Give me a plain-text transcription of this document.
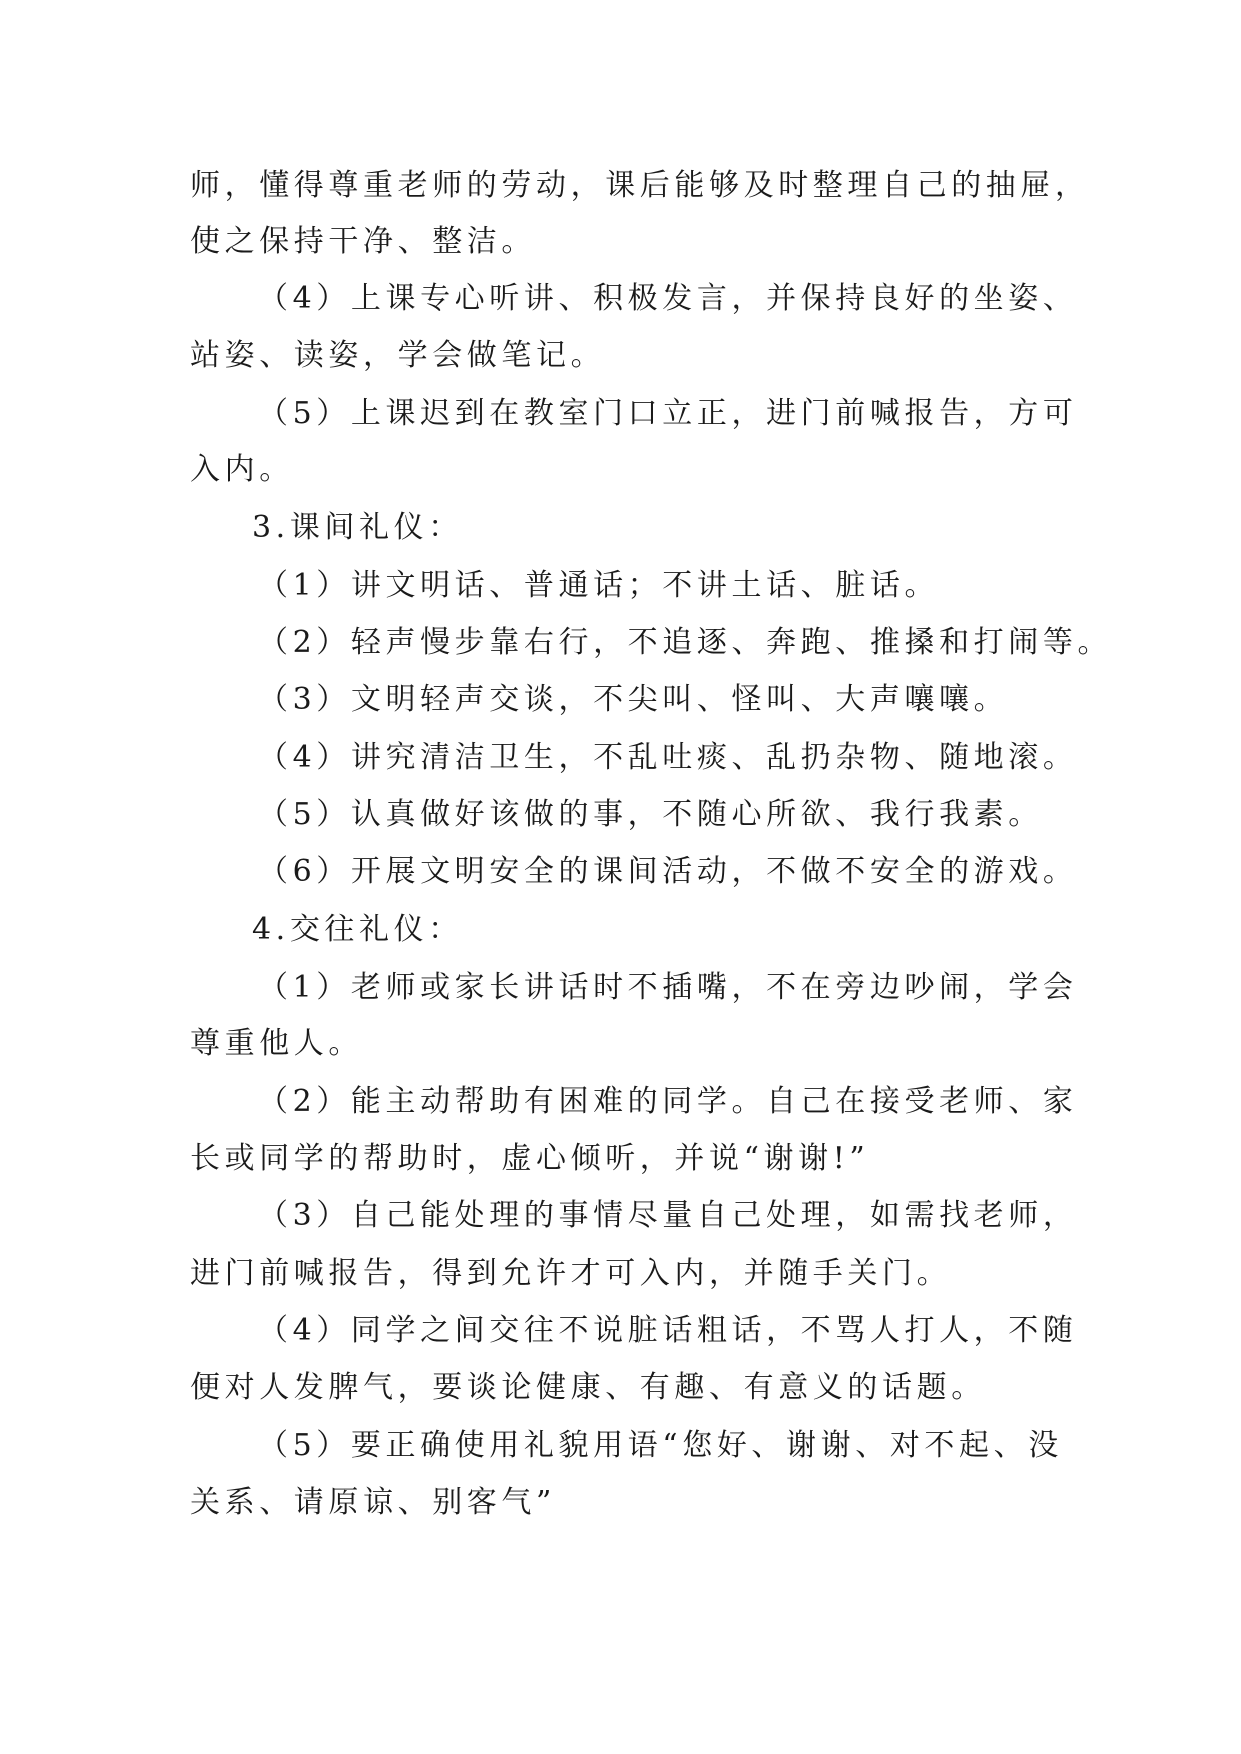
师，懂得尊重老师的劳动，课后能够及时整理自己的抽屉，
使之保持干净、整洁。
（4）上课专心听讲、积极发言，并保持良好的坐姿、
站姿、读姿，学会做笔记。
（5）上课迟到在教室门口立正，进门前喊报告，方可
入内。
3.课间礼仪：
（1）讲文明话、普通话；不讲土话、脏话。
（2）轻声慢步靠右行，不追逐、奔跑、推搡和打闹等。
（3）文明轻声交谈，不尖叫、怪叫、大声嚷嚷。
（4）讲究清洁卫生，不乱吐痰、乱扔杂物、随地滚。
（5）认真做好该做的事，不随心所欲、我行我素。
（6）开展文明安全的课间活动，不做不安全的游戏。
4.交往礼仪：
（1）老师或家长讲话时不插嘴，不在旁边吵闹，学会
尊重他人。
（2）能主动帮助有困难的同学。自己在接受老师、家
长或同学的帮助时，虚心倾听，并说“谢谢!”
（3）自己能处理的事情尽量自己处理，如需找老师，
进门前喊报告，得到允许才可入内，并随手关门。
（4）同学之间交往不说脏话粗话，不骂人打人，不随
便对人发脾气，要谈论健康、有趣、有意义的话题。
（5）要正确使用礼貌用语“您好、谢谢、对不起、没
关系、请原谅、别客气”
